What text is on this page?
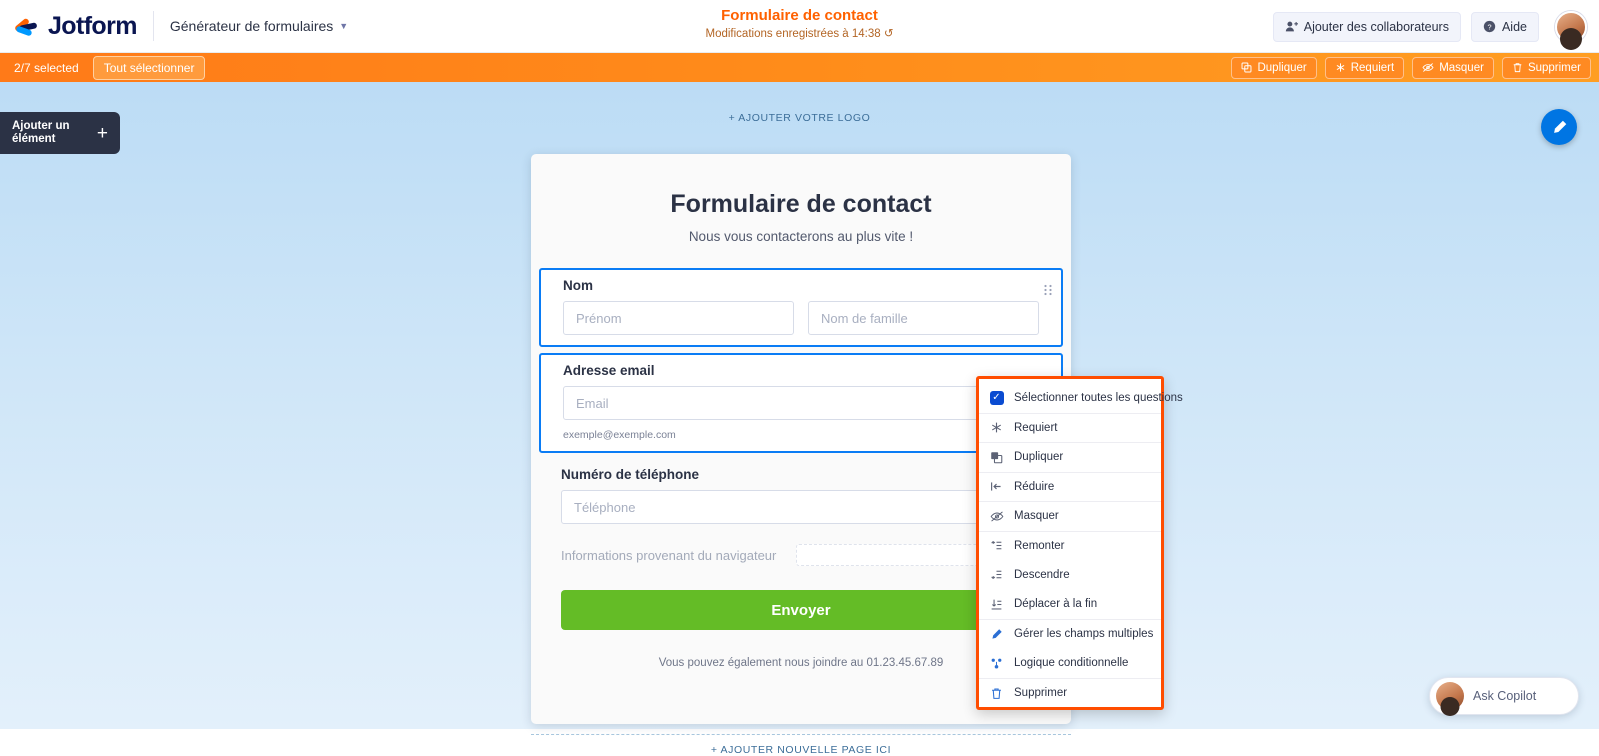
Jotform Générateur de formulaires ▼
Formulaire de contact
Modifications enregistrées à 14:38 ↺
Ajouter des collaborateurs	? Aide
2/7 selected	Tout sélectionner	Dupliquer	Requiert	Masquer	Supprimer
Ajouter un élément	+
+ AJOUTER VOTRE LOGO
Formulaire de contact
Nous vous contacterons au plus vite !
Nom
Prénom	Nom de famille
Adresse email
Email
exemple@exemple.com
Numéro de téléphone
Téléphone
Informations provenant du navigateur
Envoyer
Vous pouvez également nous joindre au 01.23.45.67.89
+ AJOUTER NOUVELLE PAGE ICI
✓ Sélectionner toutes les questions
Requiert
Dupliquer
Réduire
Masquer
Remonter
Descendre
Déplacer à la fin
Gérer les champs multiples
Logique conditionnelle
Supprimer	Ask Copilot
